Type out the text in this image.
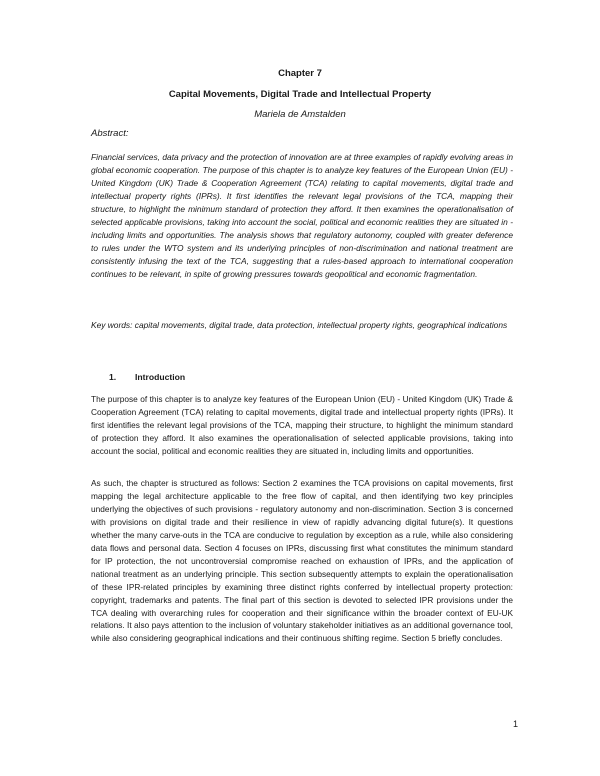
Chapter 7
Capital Movements, Digital Trade and Intellectual Property
Mariela de Amstalden
Abstract:
Financial services, data privacy and the protection of innovation are at three examples of rapidly evolving areas in global economic cooperation. The purpose of this chapter is to analyze key features of the European Union (EU) - United Kingdom (UK) Trade & Cooperation Agreement (TCA) relating to capital movements, digital trade and intellectual property rights (IPRs). It first identifies the relevant legal provisions of the TCA, mapping their structure, to highlight the minimum standard of protection they afford. It then examines the operationalisation of selected applicable provisions, taking into account the social, political and economic realities they are situated in -including limits and opportunities. The analysis shows that regulatory autonomy, coupled with greater deference to rules under the WTO system and its underlying principles of non-discrimination and national treatment are consistently infusing the text of the TCA, suggesting that a rules-based approach to international cooperation continues to be relevant, in spite of growing pressures towards geopolitical and economic fragmentation.
Key words: capital movements, digital trade, data protection, intellectual property rights, geographical indications
1. Introduction
The purpose of this chapter is to analyze key features of the European Union (EU) - United Kingdom (UK) Trade & Cooperation Agreement (TCA) relating to capital movements, digital trade and intellectual property rights (IPRs). It first identifies the relevant legal provisions of the TCA, mapping their structure, to highlight the minimum standard of protection they afford. It also examines the operationalisation of selected applicable provisions, taking into account the social, political and economic realities they are situated in, including limits and opportunities.
As such, the chapter is structured as follows: Section 2 examines the TCA provisions on capital movements, first mapping the legal architecture applicable to the free flow of capital, and then identifying two key principles underlying the objectives of such provisions - regulatory autonomy and non-discrimination. Section 3 is concerned with provisions on digital trade and their resilience in view of rapidly advancing digital future(s). It questions whether the many carve-outs in the TCA are conducive to regulation by exception as a rule, while also considering data flows and personal data. Section 4 focuses on IPRs, discussing first what constitutes the minimum standard for IP protection, the not uncontroversial compromise reached on exhaustion of IPRs, and the application of national treatment as an underlying principle. This section subsequently attempts to explain the operationalisation of these IPR-related principles by examining three distinct rights conferred by intellectual property protection: copyright, trademarks and patents. The final part of this section is devoted to selected IPR provisions under the TCA dealing with overarching rules for cooperation and their significance within the broader context of EU-UK relations. It also pays attention to the inclusion of voluntary stakeholder initiatives as an additional governance tool, while also considering geographical indications and their continuous shifting regime. Section 5 briefly concludes.
1
